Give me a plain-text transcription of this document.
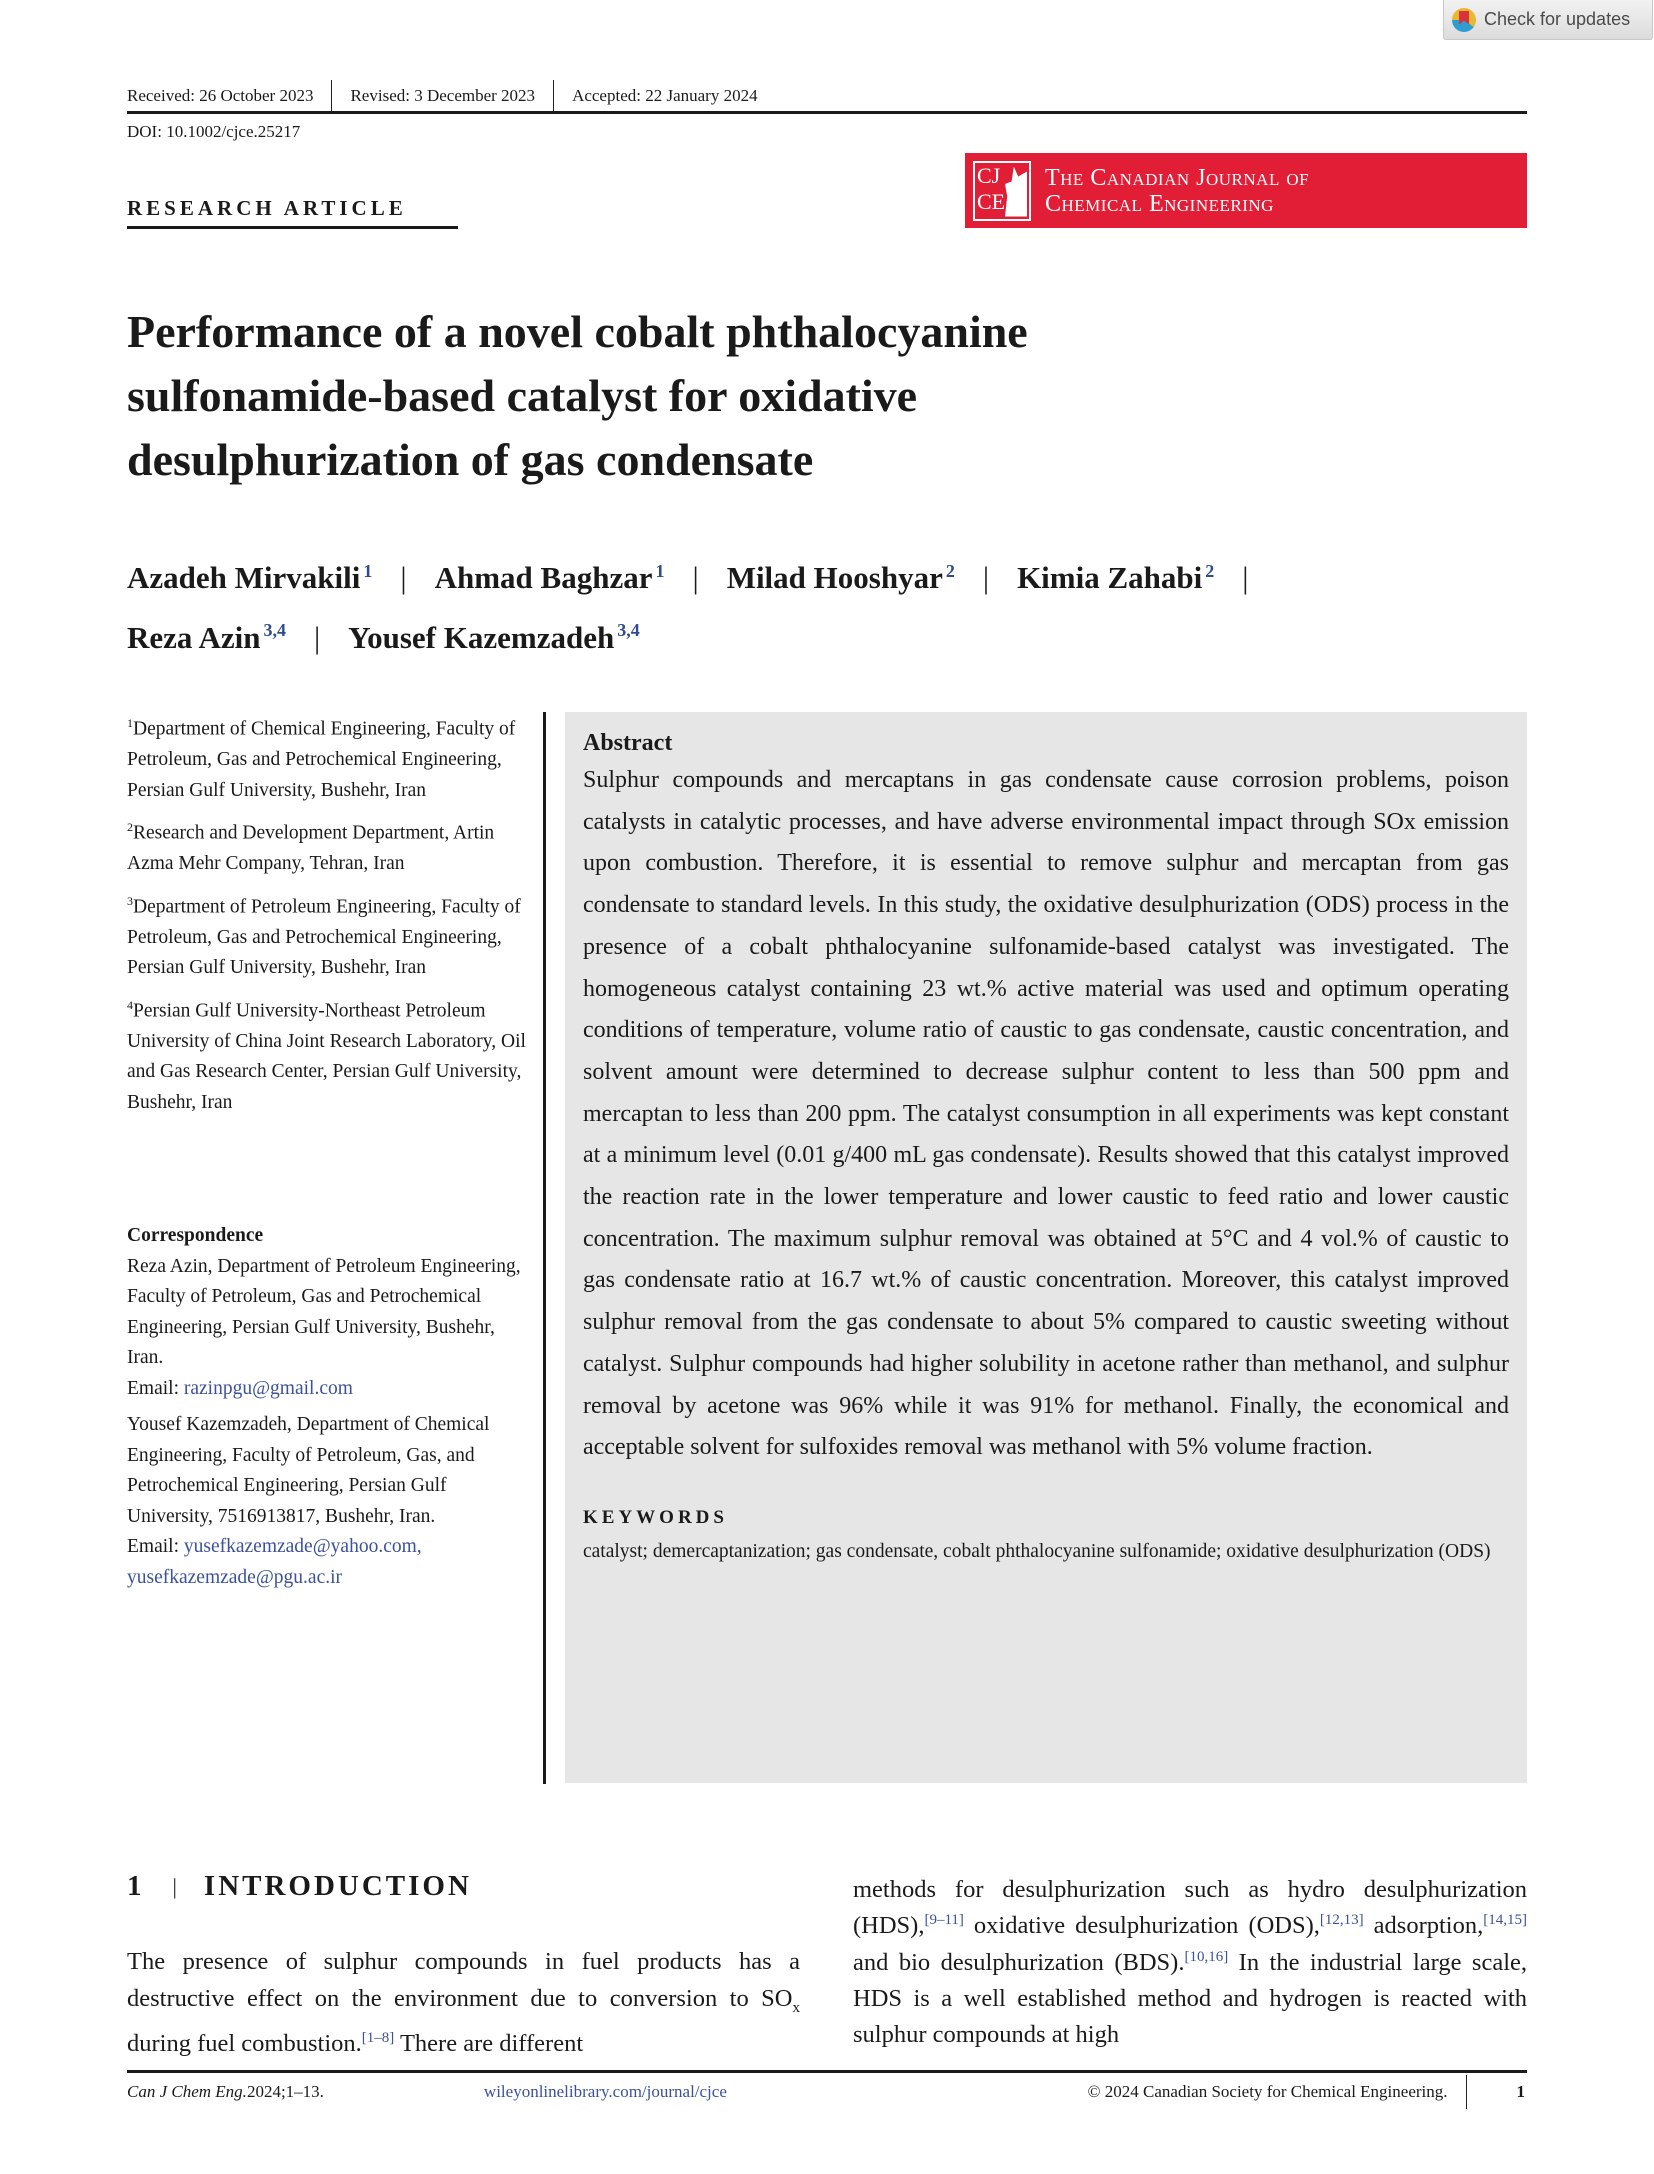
Check for updates
Received: 26 October 2023	Revised: 3 December 2023	Accepted: 22 January 2024
DOI: 10.1002/cjce.25217
RESEARCH ARTICLE
CJ
CE
The Canadian Journal of
Chemical Engineering
Performance of a novel cobalt phthalocyanine sulfonamide-based catalyst for oxidative desulphurization of gas condensate
Azadeh Mirvakili $^1$ | Ahmad Baghzar $^1$ | Milad Hooshyar $^2$ | Kimia Zahabi $^2$ |
Reza Azin $^{3,4}$ | Yousef Kazemzadeh $^{3,4}$

$^1$Department of Chemical Engineering, Faculty of Petroleum, Gas and Petrochemical Engineering, Persian Gulf University, Bushehr, Iran

$^2$Research and Development Department, Artin Azma Mehr Company, Tehran, Iran

$^3$Department of Petroleum Engineering, Faculty of Petroleum, Gas and Petrochemical Engineering, Persian Gulf University, Bushehr, Iran

$^4$Persian Gulf University-Northeast Petroleum University of China Joint Research Laboratory, Oil and Gas Research Center, Persian Gulf University, Bushehr, Iran

Correspondence

Reza Azin, Department of Petroleum Engineering, Faculty of Petroleum, Gas and Petrochemical Engineering, Persian Gulf University, Bushehr, Iran.
Email: razinpgu@gmail.com

Yousef Kazemzadeh, Department of Chemical Engineering, Faculty of Petroleum, Gas, and Petrochemical Engineering, Persian Gulf University, 7516913817, Bushehr, Iran.
Email: yusefkazemzade@yahoo.com,
yusefkazemzade@pgu.ac.ir

Abstract
Sulphur compounds and mercaptans in gas condensate cause corrosion problems, poison catalysts in catalytic processes, and have adverse environmental impact through SOx emission upon combustion. Therefore, it is essential to remove sulphur and mercaptan from gas condensate to standard levels. In this study, the oxidative desulphurization (ODS) process in the presence of a cobalt phthalocyanine sulfonamide-based catalyst was investigated. The homogeneous catalyst containing 23 wt.% active material was used and optimum operating conditions of temperature, volume ratio of caustic to gas condensate, caustic concentration, and solvent amount were determined to decrease sulphur content to less than 500 ppm and mercaptan to less than 200 ppm. The catalyst consumption in all experiments was kept constant at a minimum level (0.01 g/400 mL gas condensate). Results showed that this catalyst improved the reaction rate in the lower temperature and lower caustic to feed ratio and lower caustic concentration. The maximum sulphur removal was obtained at 5°C and 4 vol.% of caustic to gas condensate ratio at 16.7 wt.% of caustic concentration. Moreover, this catalyst improved sulphur removal from the gas condensate to about 5% compared to caustic sweeting without catalyst. Sulphur compounds had higher solubility in acetone rather than methanol, and sulphur removal by acetone was 96% while it was 91% for methanol. Finally, the economical and acceptable solvent for sulfoxides removal was methanol with 5% volume fraction.
KEYWORDS
catalyst; demercaptanization; gas condensate, cobalt phthalocyanine sulfonamide; oxidative desulphurization (ODS)
1 | INTRODUCTION
The presence of sulphur compounds in fuel products has a destructive effect on the environment due to conversion to $SO_x$ during fuel combustion.[1–8] There are different
methods for desulphurization such as hydro desulphurization (HDS),[9–11] oxidative desulphurization (ODS),[12,13] adsorption,[14,15] and bio desulphurization (BDS).[10,16] In the industrial large scale, HDS is a well established method and hydrogen is reacted with sulphur compounds at high
Can J Chem Eng. 2024;1–13.	wileyonlinelibrary.com/journal/cjce	© 2024 Canadian Society for Chemical Engineering.	1
